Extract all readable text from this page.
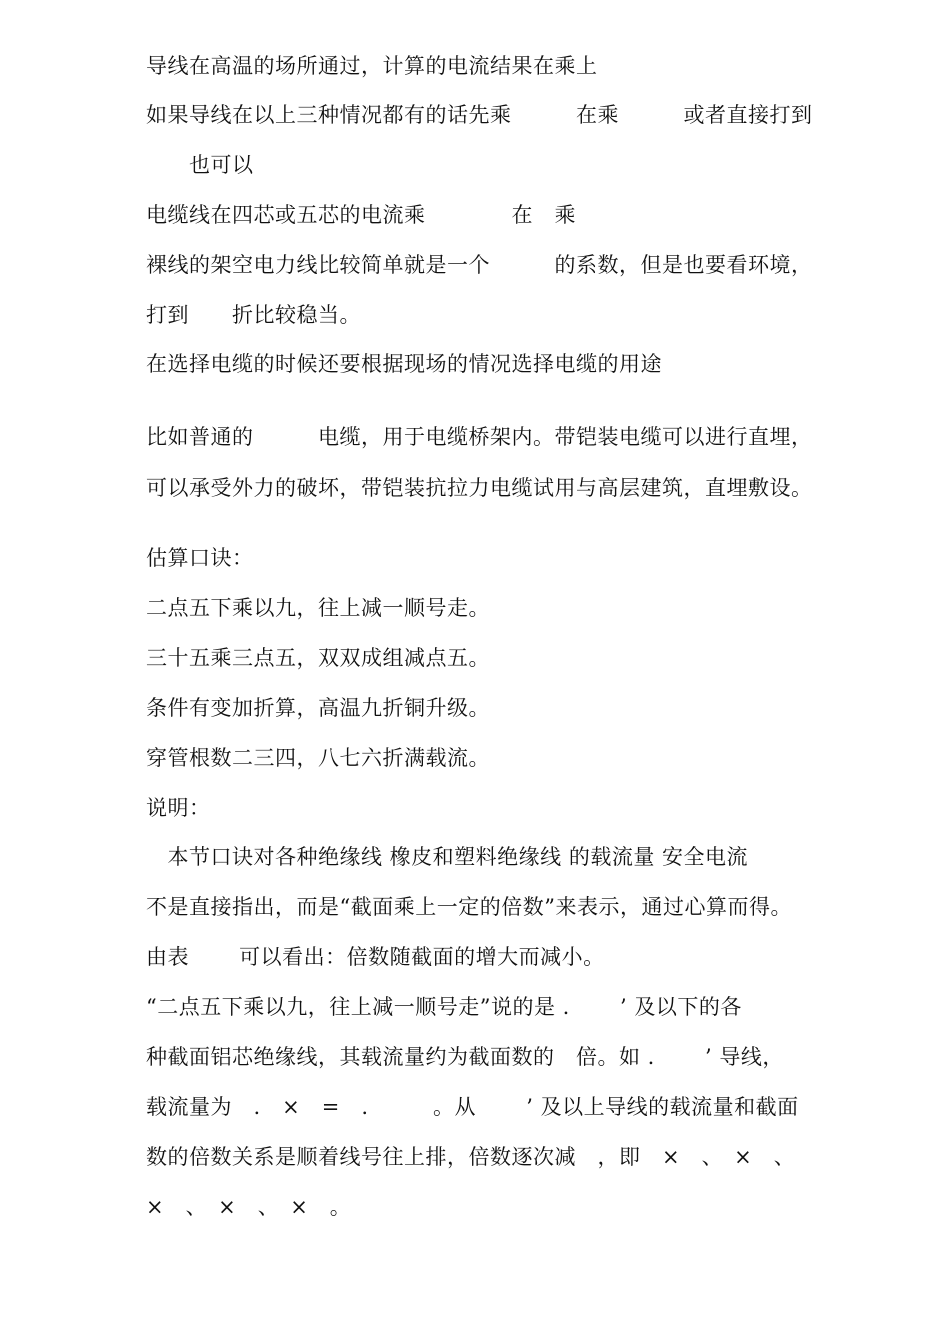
导线在高温的场所通过，计算的电流结果在乘上
如果导线在以上三种情况都有的话先乘　　　在乘　　　或者直接打到
　　也可以
电缆线在四芯或五芯的电流乘　　　　在　乘
裸线的架空电力线比较简单就是一个　　　的系数，但是也要看环境，
打到　　折比较稳当。
在选择电缆的时候还要根据现场的情况选择电缆的用途
比如普通的　　　电缆，用于电缆桥架内。带铠装电缆可以进行直埋，
可以承受外力的破坏，带铠装抗拉力电缆试用与高层建筑，直埋敷设。
估算口诀：
二点五下乘以九，往上减一顺号走。
三十五乘三点五，双双成组减点五。
条件有变加折算，高温九折铜升级。
穿管根数二三四，八七六折满载流。
说明：
　本节口诀对各种绝缘线 橡皮和塑料绝缘线 的载流量 安全电流
不是直接指出，而是“截面乘上一定的倍数”来表示，通过心算而得。
由表　　 可以看出：倍数随截面的增大而减小。
“二点五下乘以九，往上减一顺号走”说的是 .　　 ’ 及以下的各
种截面铝芯绝缘线，其载流量约为截面数的　倍。如 .　　 ’ 导线，
载流量为　.　×　=　.　　　。从　　 ’ 及以上导线的载流量和截面
数的倍数关系是顺着线号往上排，倍数逐次减　，即　×　、　×　、
×　、　×　、　×　。
